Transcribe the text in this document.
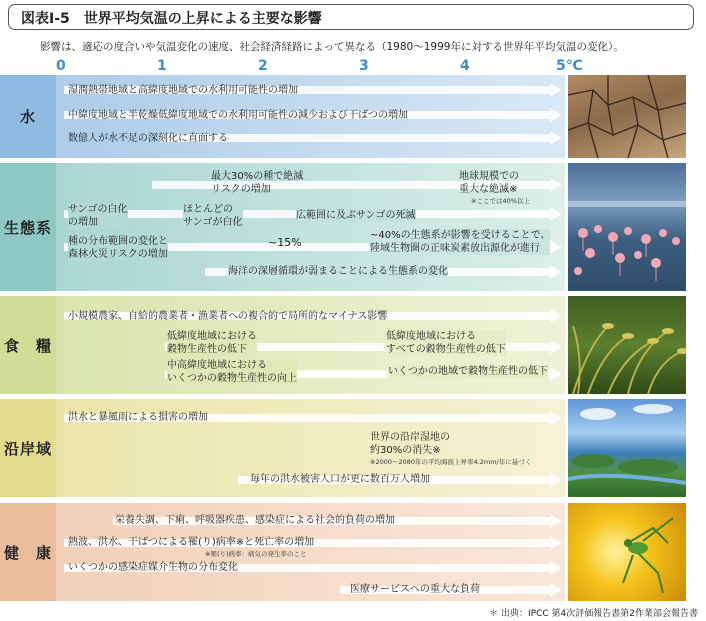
図表Ⅰ-5　世界平均気温の上昇による主要な影響
影響は、適応の度合いや気温変化の速度、社会経済経路によって異なる（1980～1999年に対する世界年平均気温の変化）。
0	1	2	3	4	5℃
水
湿潤熱帯地域と高緯度地域での水利用可能性の増加
中緯度地域と半乾燥低緯度地域での水利用可能性の減少および干ばつの増加
数億人が水不足の深刻化に直面する
生態系
最大30%の種で絶滅
リスクの増加
地球規模での
重大な絶滅※
※ここでは40%以上
サンゴの白化
の増加
ほとんどの
サンゴが白化
広範囲に及ぶサンゴの死滅
種の分布範囲の変化と
森林火災リスクの増加
~15%
~40%の生態系が影響を受けることで、
陸域生物圏の正味炭素放出源化が進行
海洋の深層循環が弱まることによる生態系の変化
食　糧
小規模農家、自給的農業者・漁業者への複合的で局所的なマイナス影響
低緯度地域における
穀物生産性の低下
低緯度地域における
すべての穀物生産性の低下
中高緯度地域における
いくつかの穀物生産性の向上
いくつかの地域で穀物生産性の低下
沿岸域
洪水と暴風雨による損害の増加
世界の沿岸湿地の
約30%の消失※
※2000～2080年の平均海面上昇率4.2mm/年に基づく
毎年の洪水被害人口が更に数百万人増加
健　康
栄養失調、下痢、呼吸器疾患、感染症による社会的負荷の増加
熱波、洪水、干ばつによる罹(り)病率※と死亡率の増加
※罹(り)病率：病気の発生率のこと
いくつかの感染症媒介生物の分布変化
医療サービスへの重大な負荷
＊ 出典：IPCC 第4次評価報告書第2作業部会報告書
